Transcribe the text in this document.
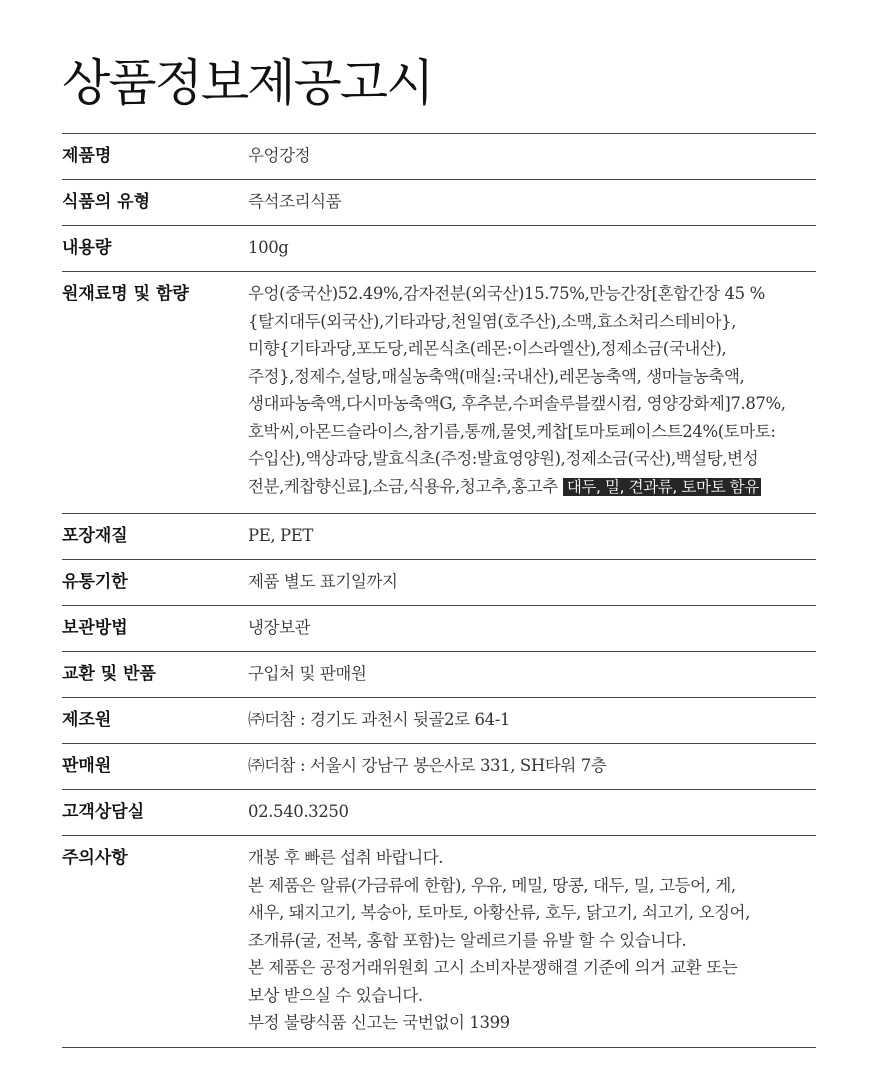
상품정보제공고시
제품명	우엉강정
식품의 유형	즉석조리식품
내용량	100g
원재료명 및 함량	우엉(중국산)52.49%,감자전분(외국산)15.75%,만능간장[혼합간장 45 %
{탈지대두(외국산),기타과당,천일염(호주산),소맥,효소처리스테비아},
미향{기타과당,포도당,레몬식초(레몬:이스라엘산),정제소금(국내산),
주정},정제수,설탕,매실농축액(매실:국내산),레몬농축액, 생마늘농축액,
생대파농축액,다시마농축액G, 후추분,수퍼솔루블캪시컴, 영양강화제]7.87%,
호박씨,아몬드슬라이스,참기름,통깨,물엿,케찹[토마토페이스트24%(토마토:
수입산),액상과당,발효식초(주정:발효영양원),정제소금(국산),백설탕,변성
전분,케찹향신료],소금,식용유,청고추,홍고추 대두, 밀, 견과류, 토마토 함유
포장재질	PE, PET
유통기한	제품 별도 표기일까지
보관방법	냉장보관
교환 및 반품	구입처 및 판매원
제조원	㈜더참 : 경기도 과천시 뒷골2로 64-1
판매원	㈜더참 : 서울시 강남구 봉은사로 331, SH타워 7층
고객상담실	02.540.3250
주의사항	개봉 후 빠른 섭취 바랍니다.
본 제품은 알류(가금류에 한함), 우유, 메밀, 땅콩, 대두, 밀, 고등어, 게,
새우, 돼지고기, 복숭아, 토마토, 아황산류, 호두, 닭고기, 쇠고기, 오징어,
조개류(굴, 전복, 홍합 포함)는 알레르기를 유발 할 수 있습니다.
본 제품은 공정거래위원회 고시 소비자분쟁해결 기준에 의거 교환 또는
보상 받으실 수 있습니다.
부정 불량식품 신고는 국번없이 1399
